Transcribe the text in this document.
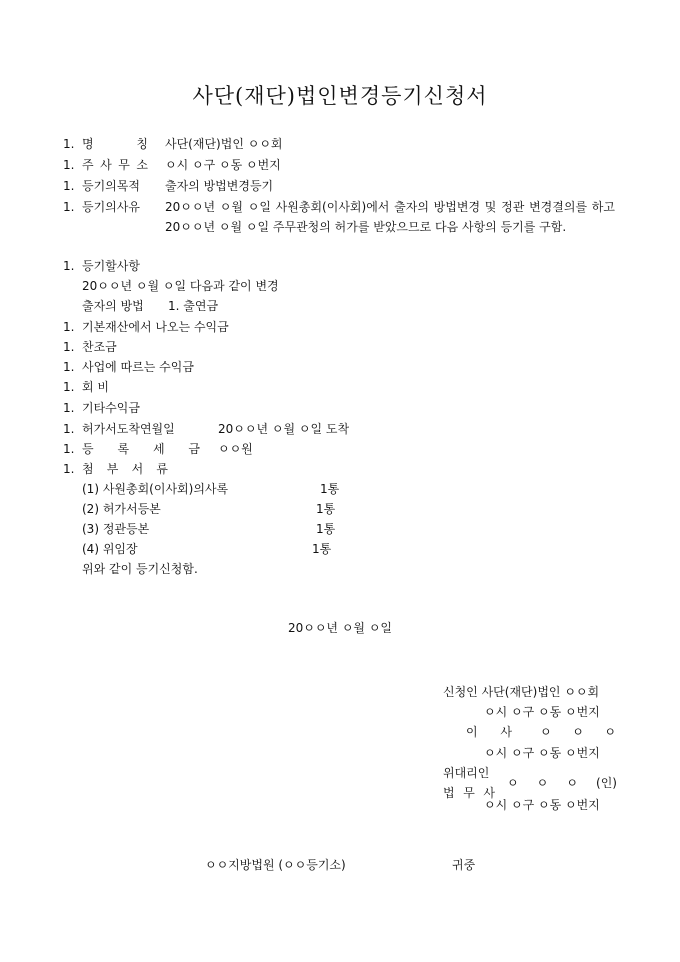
사단(재단)법인변경등기신청서
1. 명 칭 사단(재단)법인 ㅇㅇ회
1. 주 사 무 소 ㅇ시 ㅇ구 ㅇ동 ㅇ번지
1. 등기의목적 출자의 방법변경등기
1. 등기의사유 20ㅇㅇ년 ㅇ월 ㅇ일 사원총회(이사회)에서 출자의 방법변경 및 정관 변경결의를 하고 20ㅇㅇ년 ㅇ월 ㅇ일 주무관청의 허가를 받았으므로 다음 사항의 등기를 구함.
1. 등기할사항
20ㅇㅇ년 ㅇ월 ㅇ일 다음과 같이 변경
출자의 방법 1. 출연금
1. 기본재산에서 나오는 수익금
1. 찬조금
1. 사업에 따르는 수익금
1. 회 비
1. 기타수익금
1. 허가서도착연월일	20ㅇㅇ년 ㅇ월 ㅇ일 도착
1. 등 록 세 금 ㅇㅇ원
1. 첨 부 서 류
(1) 사원총회(이사회)의사록	1통
(2) 허가서등본	1통
(3) 정관등본	1통
(4) 위임장	1통
위와 같이 등기신청함.
20ㅇㅇ년 ㅇ월 ㅇ일
신청인 사단(재단)법인 ㅇㅇ회
ㅇ시 ㅇ구 ㅇ동 ㅇ번지
이 사 ㅇ ㅇ ㅇ
ㅇ시 ㅇ구 ㅇ동 ㅇ번지
위대리인
ㅇ ㅇ ㅇ (인)
법 무 사
ㅇ시 ㅇ구 ㅇ동 ㅇ번지
ㅇㅇ지방법원 (ㅇㅇ등기소)	귀중
